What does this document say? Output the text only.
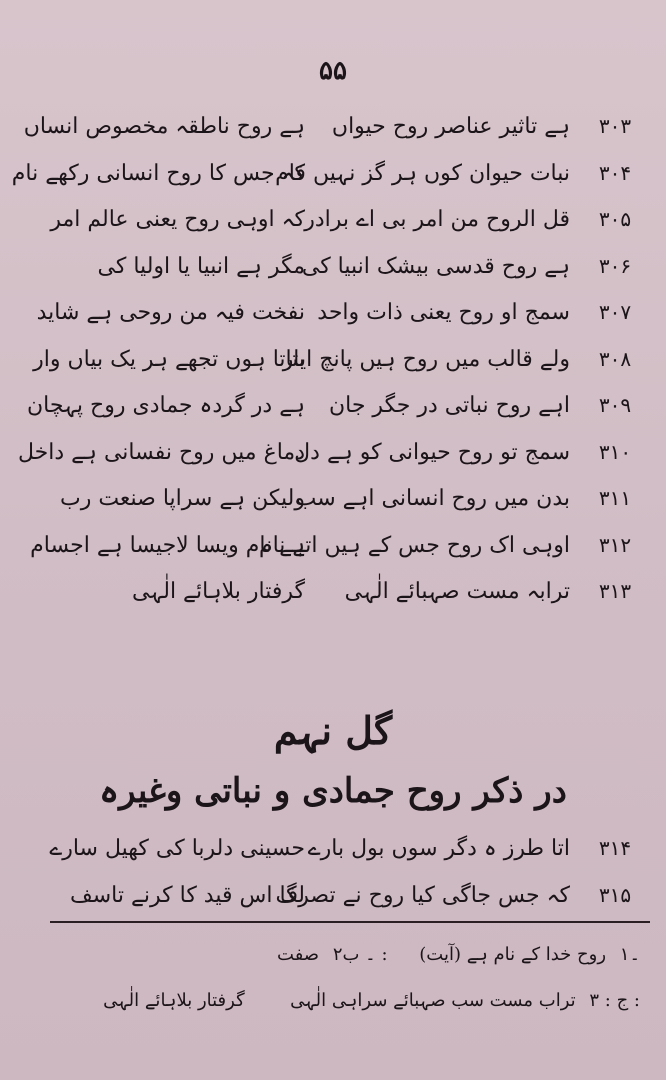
۵۵
۳۰۳
ہے تاثیر عناصر روح حیواں
ہے روح ناطقہ مخصوص انساں
۳۰۴
نبات حیوان کوں ہر گز نہیں فام
کہ جس کا روح انسانی رکھے نام
۳۰۵
قل الروح من امر بی اے برادر
کہ اوہی روح یعنی عالم امر
۳۰۶
ہے روح قدسی بیشک انبیا کی
مگر ہے انبیا یا اولیا کی
۳۰۷
سمج او روح یعنی ذات واحد
نفخت فیہ من روحی ہے شاید
۳۰۸
ولے قالب میں روح ہیں پانچ ایار
بتاتا ہوں تجھے ہر یک بیاں وار
۳۰۹
اہے روح نباتی در جگر جان
ہے در گردہ جمادی روح پہچان
۳۱۰
سمج تو روح حیوانی کو ہے دل
دماغ میں روح نفسانی ہے داخل
۳۱۱
بدن میں روح انسانی اہے سب
ولیکن ہے سراپا صنعت رب
۳۱۲
اوہی اک روح جس کے ہیں اتے نام
ہے نام ویسا لاجیسا ہے اجسام
۳۱۳
ترابہ مست صہبائے الٰہی
گرفتار بلاہائے الٰہی
گل نہم
در ذکر روح جمادی و نباتی وغیرہ
۳۱۴
اتا طرز ہ دگر سوں بول بارے
حسینی دلربا کی کھیل سارے
۳۱۵
کہ جس جاگی کیا روح نے تصرف
لگا اس قید کا کرنے تاسف
۱۔ روح خدا کے نام ہے (آیت) ۲۔ ب : صفت
۳ : ج : تراب مست سب صہبائے سراہی الٰہی  گرفتار بلاہائے الٰہی
